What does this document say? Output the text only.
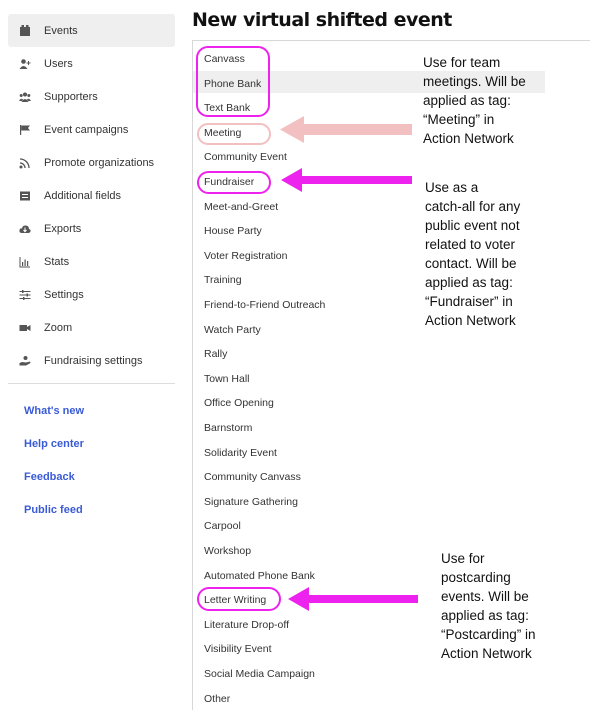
Events
Users
Supporters
Event campaigns
Promote organizations
Additional fields
Exports
Stats
Settings
Zoom
Fundraising settings
What's new
Help center
Feedback
Public feed
New virtual shifted event
Canvass
Phone Bank
Text Bank
Meeting
Community Event
Fundraiser
Meet-and-Greet
House Party
Voter Registration
Training
Friend-to-Friend Outreach
Watch Party
Rally
Town Hall
Office Opening
Barnstorm
Solidarity Event
Community Canvass
Signature Gathering
Carpool
Workshop
Automated Phone Bank
Letter Writing
Literature Drop-off
Visibility Event
Social Media Campaign
Other
Use for team
meetings. Will be
applied as tag:
“Meeting” in
Action Network
Use as a
catch-all for any
public event not
related to voter
contact. Will be
applied as tag:
“Fundraiser” in
Action Network
Use for
postcarding
events. Will be
applied as tag:
“Postcarding” in
Action Network
